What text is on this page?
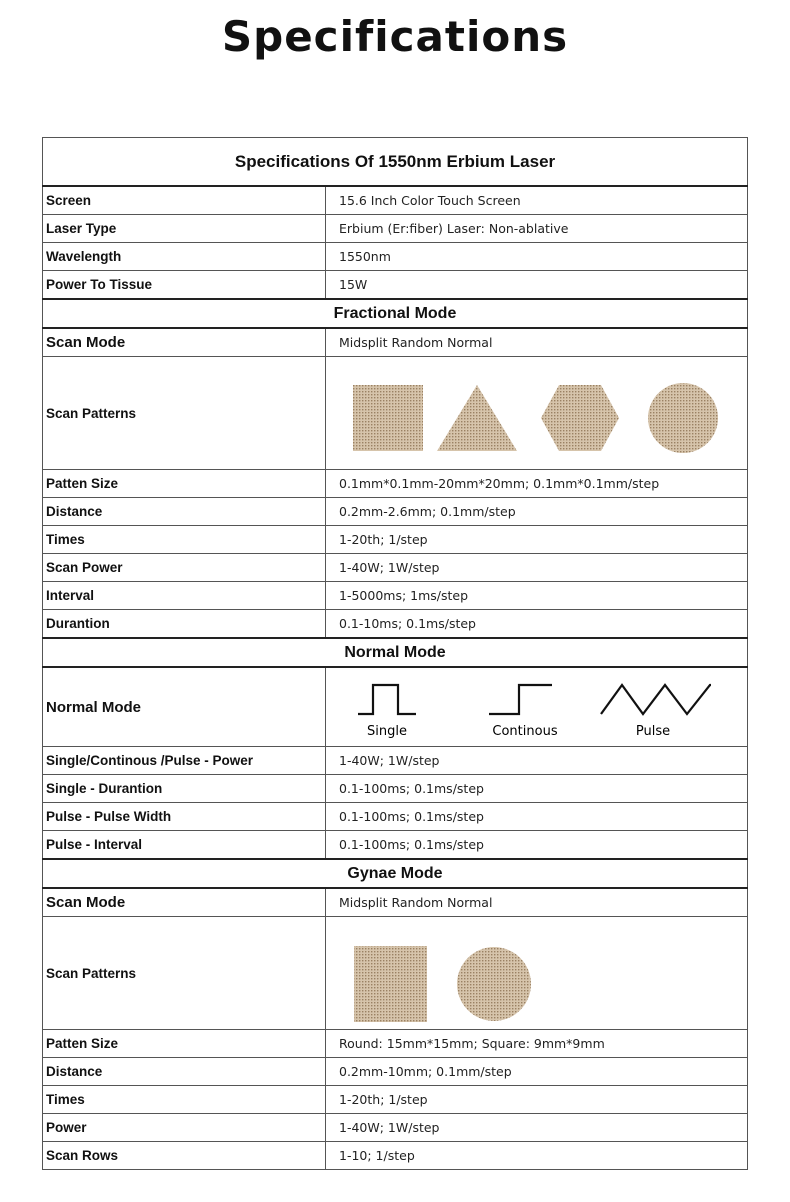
Specifications
Specifications Of 1550nm Erbium Laser	
Screen	15.6 Inch Color Touch Screen
Laser Type	Erbium (Er:fiber) Laser: Non-ablative
Wavelength	1550nm
Power To Tissue	15W
Fractional Mode	
Scan Mode	Midsplit Random Normal
Scan Patterns	

Patten Size	0.1mm*0.1mm-20mm*20mm; 0.1mm*0.1mm/step
Distance	0.2mm-2.6mm; 0.1mm/step
Times	1-20th; 1/step
Scan Power	1-40W; 1W/step
Interval	1-5000ms; 1ms/step
Durantion	0.1-10ms; 0.1ms/step
Normal Mode	
Normal Mode	Single Continous Pulse

Single/Continous /Pulse - Power	1-40W; 1W/step
Single - Durantion	0.1-100ms; 0.1ms/step
Pulse - Pulse Width	0.1-100ms; 0.1ms/step
Pulse - Interval	0.1-100ms; 0.1ms/step
Gynae Mode	
Scan Mode	Midsplit Random Normal
Scan Patterns	

Patten Size	Round: 15mm*15mm; Square: 9mm*9mm
Distance	0.2mm-10mm; 0.1mm/step
Times	1-20th; 1/step
Power	1-40W; 1W/step
Scan Rows	1-10; 1/step
